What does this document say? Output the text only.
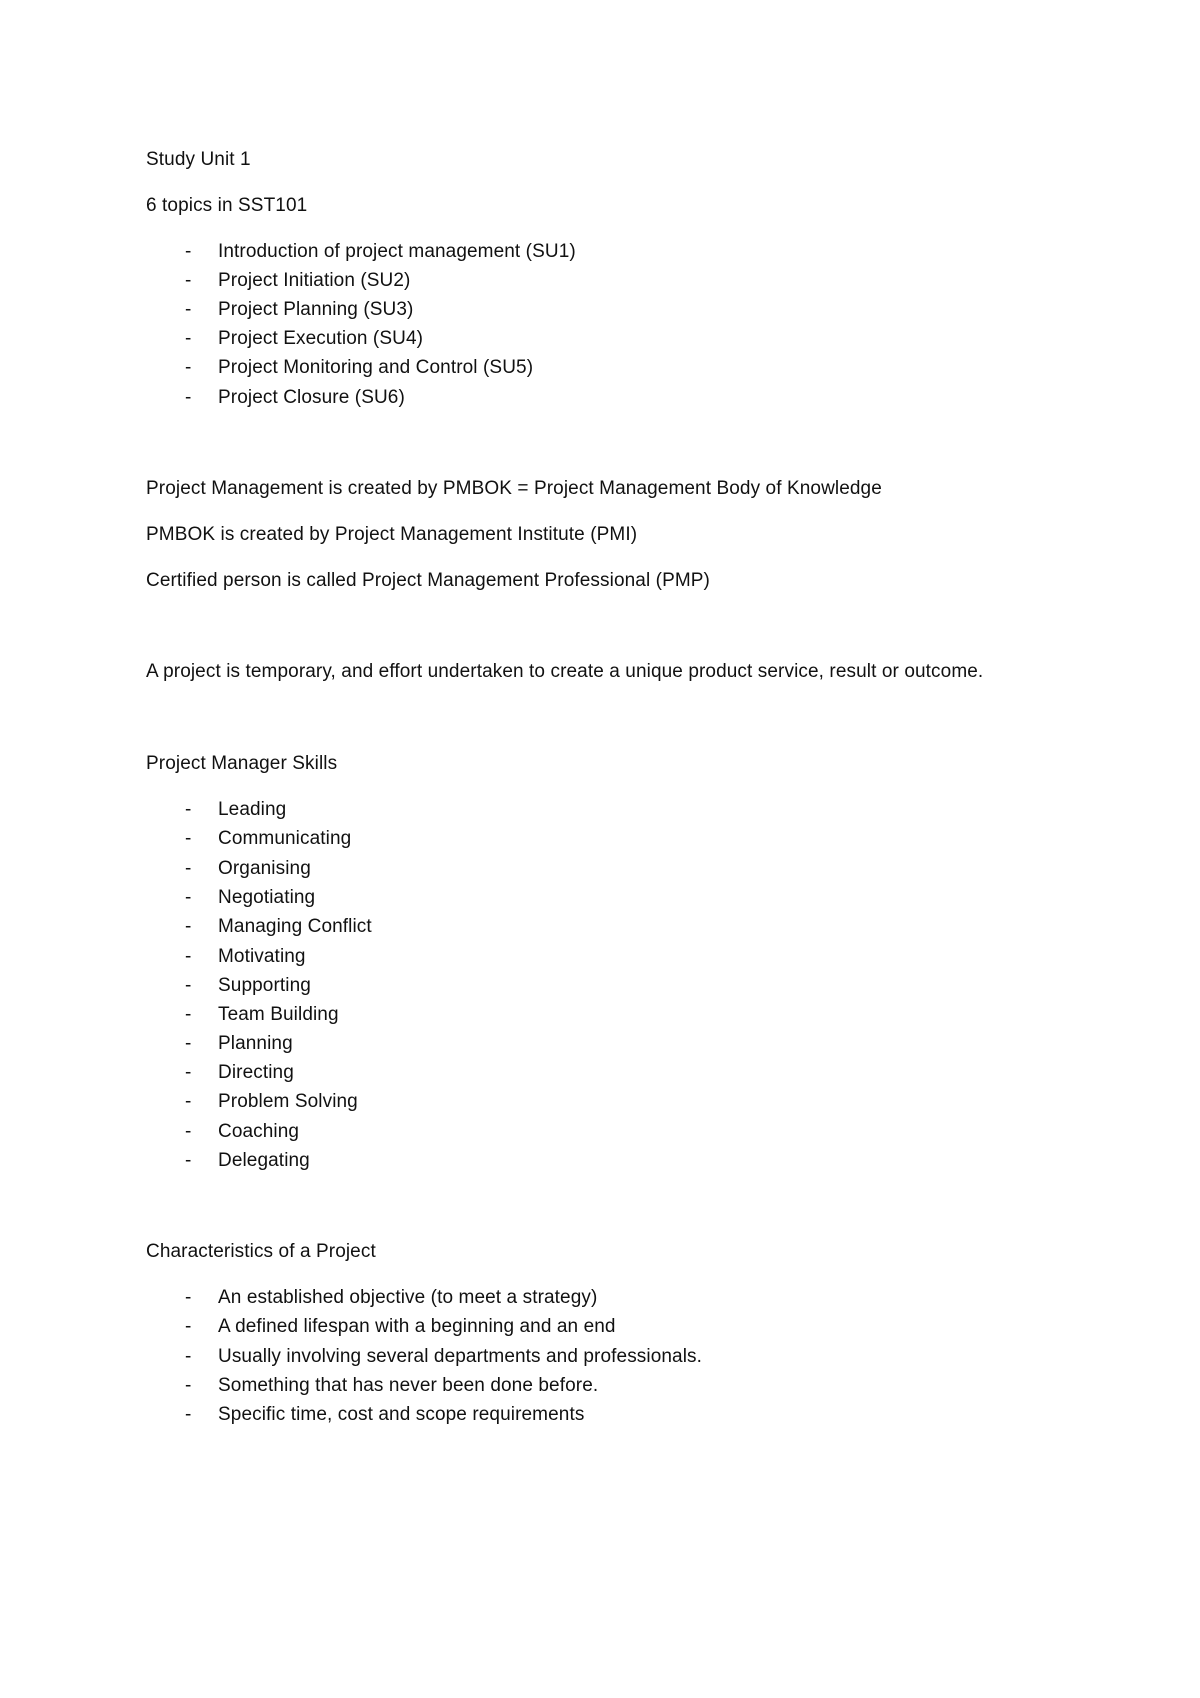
Study Unit 1
6 topics in SST101
- Introduction of project management (SU1)
- Project Initiation (SU2)
- Project Planning (SU3)
- Project Execution (SU4)
- Project Monitoring and Control (SU5)
- Project Closure (SU6)
Project Management is created by PMBOK = Project Management Body of Knowledge
PMBOK is created by Project Management Institute (PMI)
Certified person is called Project Management Professional (PMP)
A project is temporary, and effort undertaken to create a unique product service, result or outcome.
Project Manager Skills
- Leading
- Communicating
- Organising
- Negotiating
- Managing Conflict
- Motivating
- Supporting
- Team Building
- Planning
- Directing
- Problem Solving
- Coaching
- Delegating
Characteristics of a Project
- An established objective (to meet a strategy)
- A defined lifespan with a beginning and an end
- Usually involving several departments and professionals.
- Something that has never been done before.
- Specific time, cost and scope requirements
